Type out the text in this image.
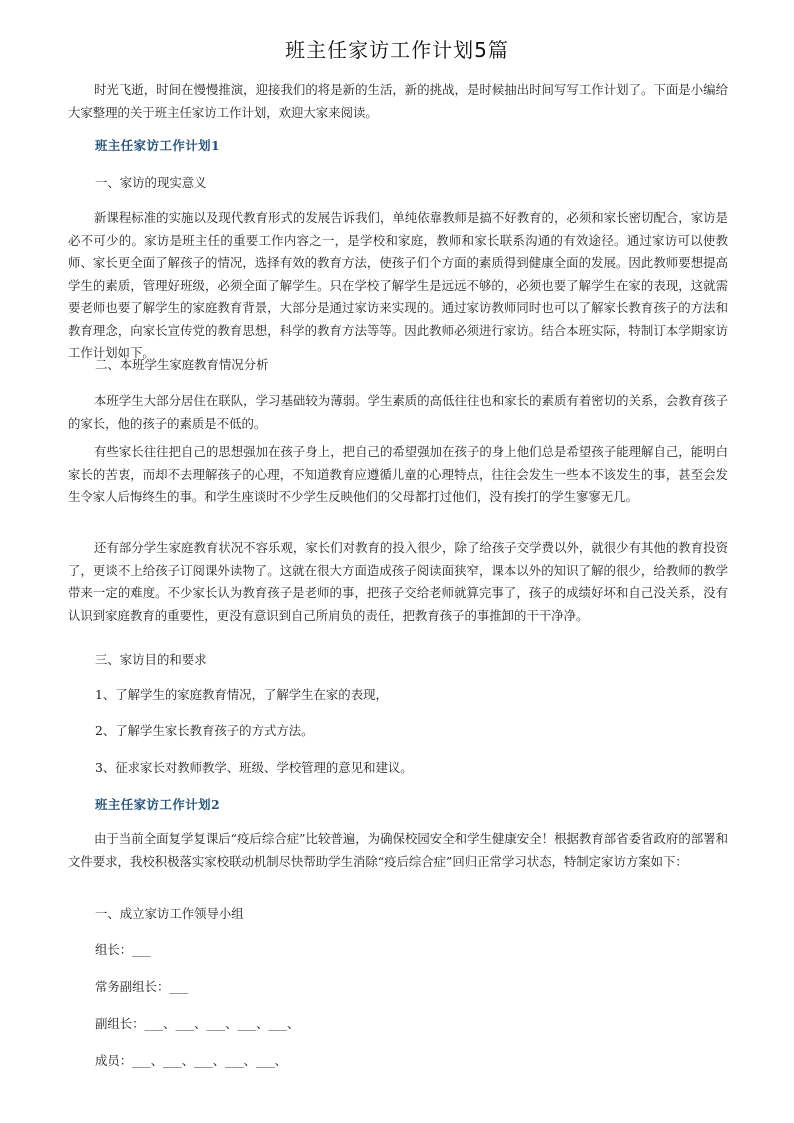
班主任家访工作计划5篇
时光飞逝，时间在慢慢推演，迎接我们的将是新的生活，新的挑战，是时候抽出时间写写工作计划了。下面是小编给大家整理的关于班主任家访工作计划，欢迎大家来阅读。
班主任家访工作计划1
一、家访的现实意义
新课程标准的实施以及现代教育形式的发展告诉我们，单纯依靠教师是搞不好教育的，必须和家长密切配合，家访是必不可少的。家访是班主任的重要工作内容之一，是学校和家庭，教师和家长联系沟通的有效途径。通过家访可以使教师、家长更全面了解孩子的情况，选择有效的教育方法，使孩子们个方面的素质得到健康全面的发展。因此教师要想提高学生的素质，管理好班级，必须全面了解学生。只在学校了解学生是远远不够的，必须也要了解学生在家的表现，这就需要老师也要了解学生的家庭教育背景，大部分是通过家访来实现的。通过家访教师同时也可以了解家长教育孩子的方法和教育理念，向家长宣传党的教育思想，科学的教育方法等等。因此教师必须进行家访。结合本班实际，特制订本学期家访工作计划如下。
二、本班学生家庭教育情况分析
本班学生大部分居住在联队，学习基础较为薄弱。学生素质的高低往往也和家长的素质有着密切的关系，会教育孩子的家长，他的孩子的素质是不低的。
有些家长往往把自己的思想强加在孩子身上，把自己的希望强加在孩子的身上他们总是希望孩子能理解自己，能明白家长的苦衷，而却不去理解孩子的心理，不知道教育应遵循儿童的心理特点，往往会发生一些本不该发生的事，甚至会发生令家人后悔终生的事。和学生座谈时不少学生反映他们的父母都打过他们，没有挨打的学生寥寥无几。
还有部分学生家庭教育状况不容乐观，家长们对教育的投入很少，除了给孩子交学费以外，就很少有其他的教育投资了，更谈不上给孩子订阅课外读物了。这就在很大方面造成孩子阅读面狭窄，课本以外的知识了解的很少，给教师的教学带来一定的难度。不少家长认为教育孩子是老师的事，把孩子交给老师就算完事了，孩子的成绩好坏和自己没关系，没有认识到家庭教育的重要性，更没有意识到自己所肩负的责任，把教育孩子的事推卸的干干净净。
三、家访目的和要求
1、了解学生的家庭教育情况，了解学生在家的表现，
2、了解学生家长教育孩子的方式方法。
3、征求家长对教师教学、班级、学校管理的意见和建议。
班主任家访工作计划2
由于当前全面复学复课后“疫后综合症”比较普遍，为确保校园安全和学生健康安全！根据教育部省委省政府的部署和文件要求，我校积极落实家校联动机制尽快帮助学生消除“疫后综合症”回归正常学习状态，特制定家访方案如下：
一、成立家访工作领导小组
组长：___
常务副组长：___
副组长：___、___、___、___、___、
成员：___、___、___、___、___、
